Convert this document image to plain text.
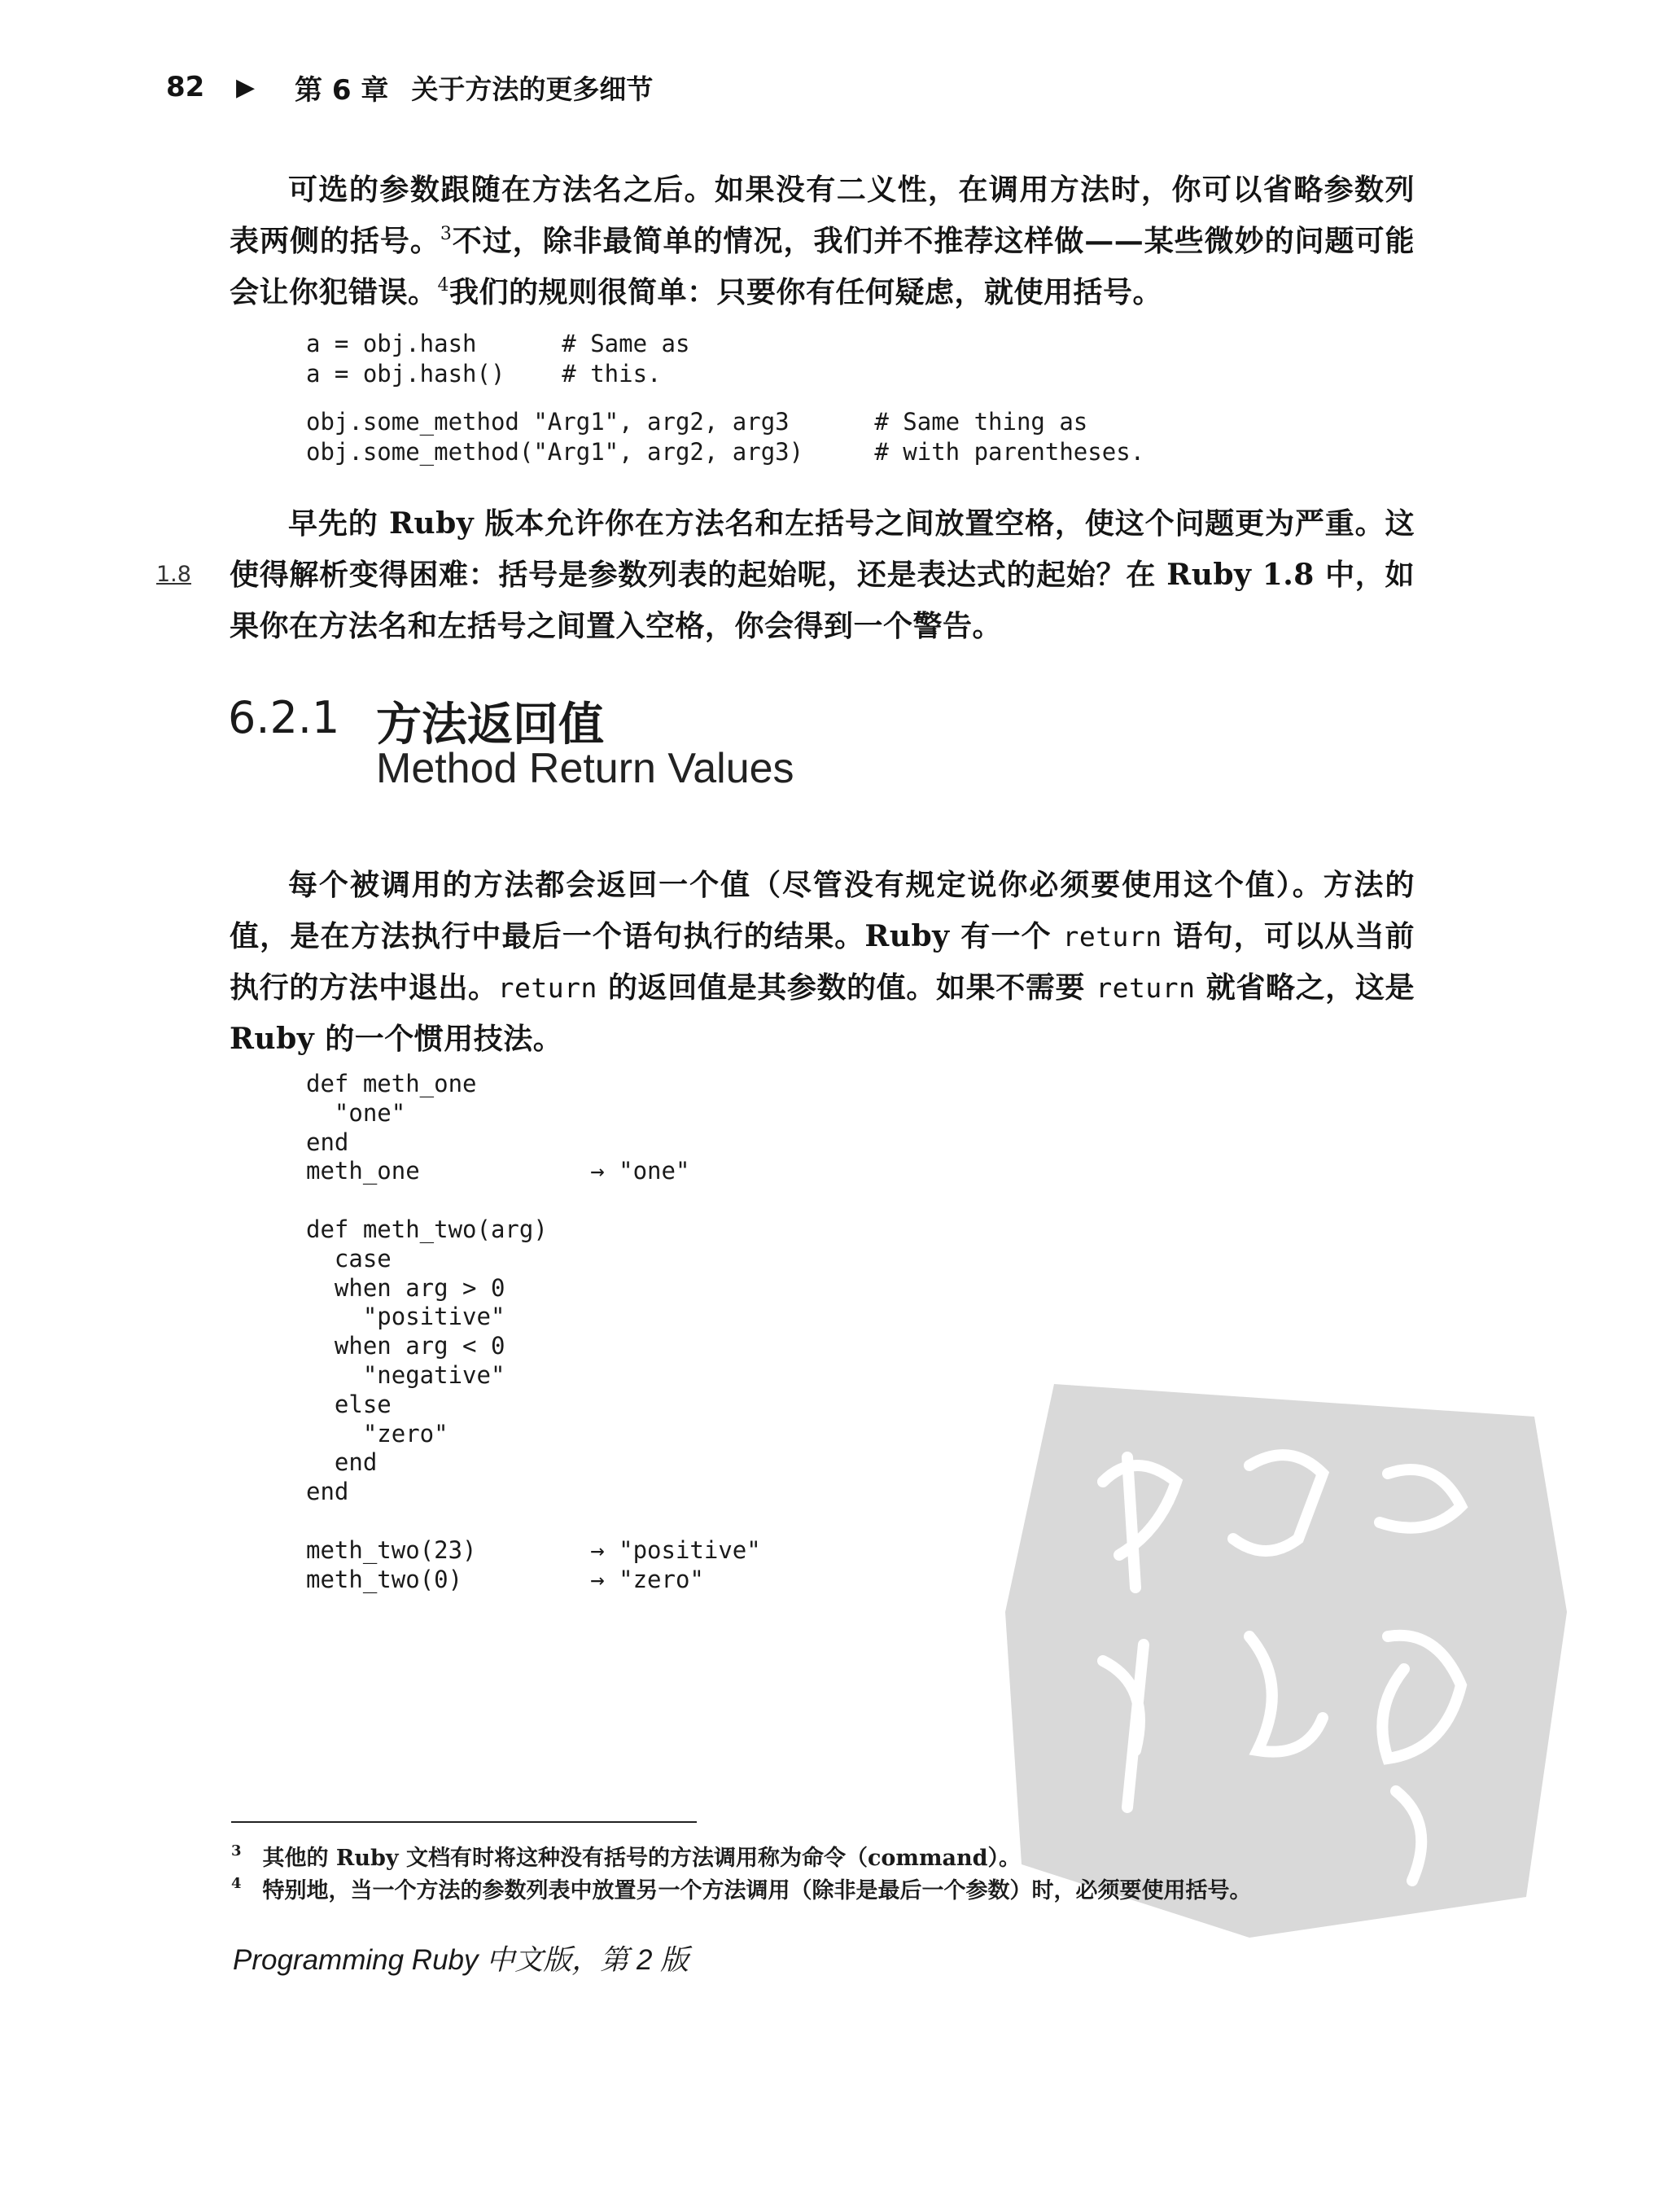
82	▶	第 6 章 关于方法的更多细节

可选的参数跟随在方法名之后。如果没有二义性，在调用方法时，你可以省略参数列表两侧的括号。$^3$不过，除非最简单的情况，我们并不推荐这样做——某些微妙的问题可能会让你犯错误。$^4$我们的规则很简单：只要你有任何疑虑，就使用括号。

a = obj.hash      # Same as
a = obj.hash()    # this.
obj.some_method "Arg1", arg2, arg3      # Same thing as
obj.some_method("Arg1", arg2, arg3)     # with parentheses.
1.8

早先的 Ruby 版本允许你在方法名和左括号之间放置空格，使这个问题更为严重。这使得解析变得困难：括号是参数列表的起始呢，还是表达式的起始？在 Ruby 1.8 中，如果你在方法名和左括号之间置入空格，你会得到一个警告。

6.2.1 方法返回值
Method Return Values

每个被调用的方法都会返回一个值（尽管没有规定说你必须要使用这个值）。方法的值，是在方法执行中最后一个语句执行的结果。Ruby 有一个 return 语句，可以从当前执行的方法中退出。return 的返回值是其参数的值。如果不需要 return 就省略之，这是 Ruby 的一个惯用技法。

def meth_one
"one"
end
meth_one            → "one"

def meth_two(arg)
case
when arg > 0
"positive"
when arg < 0
"negative"
else
"zero"
end
end

meth_two(23)        → "positive"
meth_two(0)         → "zero"
$^3$ 其他的 Ruby 文档有时将这种没有括号的方法调用称为命令（command）。
$^4$ 特别地，当一个方法的参数列表中放置另一个方法调用（除非是最后一个参数）时，必须要使用括号。
Programming Ruby 中文版，第 2 版
